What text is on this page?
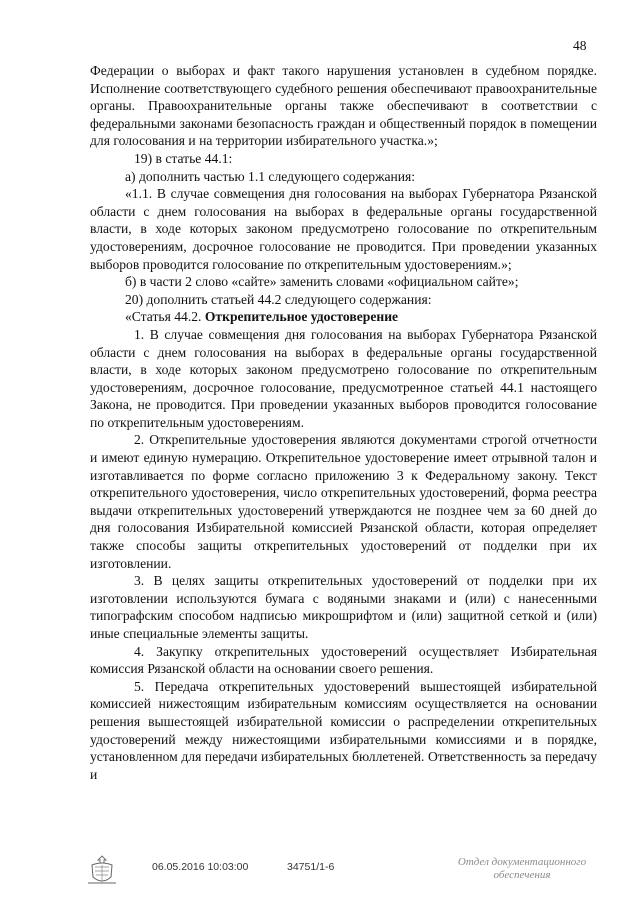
48

Федерации о выборах и факт такого нарушения установлен в судебном порядке. Исполнение соответствующего судебного решения обеспечивают правоохранительные органы. Правоохранительные органы также обеспечивают в соответствии с федеральными законами безопасность граждан и общественный порядок в помещении для голосования и на территории избирательного участка.»;

19) в статье 44.1:

а) дополнить частью 1.1 следующего содержания:

«1.1. В случае совмещения дня голосования на выборах Губернатора Рязанской области с днем голосования на выборах в федеральные органы государственной власти, в ходе которых законом предусмотрено голосование по открепительным удостоверениям, досрочное голосование не проводится. При проведении указанных выборов проводится голосование по открепительным удостоверениям.»;

б) в части 2 слово «сайте» заменить словами «официальном сайте»;

20) дополнить статьей 44.2 следующего содержания:

«Статья 44.2. Открепительное удостоверение

1. В случае совмещения дня голосования на выборах Губернатора Рязанской области с днем голосования на выборах в федеральные органы государственной власти, в ходе которых законом предусмотрено голосование по открепительным удостоверениям, досрочное голосование, предусмотренное статьей 44.1 настоящего Закона, не проводится. При проведении указанных выборов проводится голосование по открепительным удостоверениям.

2. Открепительные удостоверения являются документами строгой отчетности и имеют единую нумерацию. Открепительное удостоверение имеет отрывной талон и изготавливается по форме согласно приложению 3 к Федеральному закону. Текст открепительного удостоверения, число открепительных удостоверений, форма реестра выдачи открепительных удостоверений утверждаются не позднее чем за 60 дней до дня голосования Избирательной комиссией Рязанской области, которая определяет также способы защиты открепительных удостоверений от подделки при их изготовлении.

3. В целях защиты открепительных удостоверений от подделки при их изготовлении используются бумага с водяными знаками и (или) с нанесенными типографским способом надписью микрошрифтом и (или) защитной сеткой и (или) иные специальные элементы защиты.

4. Закупку открепительных удостоверений осуществляет Избирательная комиссия Рязанской области на основании своего решения.

5. Передача открепительных удостоверений вышестоящей избирательной комиссией нижестоящим избирательным комиссиям осуществляется на основании решения вышестоящей избирательной комиссии о распределении открепительных удостоверений между нижестоящими избирательными комиссиями и в порядке, установленном для передачи избирательных бюллетеней. Ответственность за передачу и

06.05.2016 10:03:00	34751/1-6	Отдел документационного
обеспечения
